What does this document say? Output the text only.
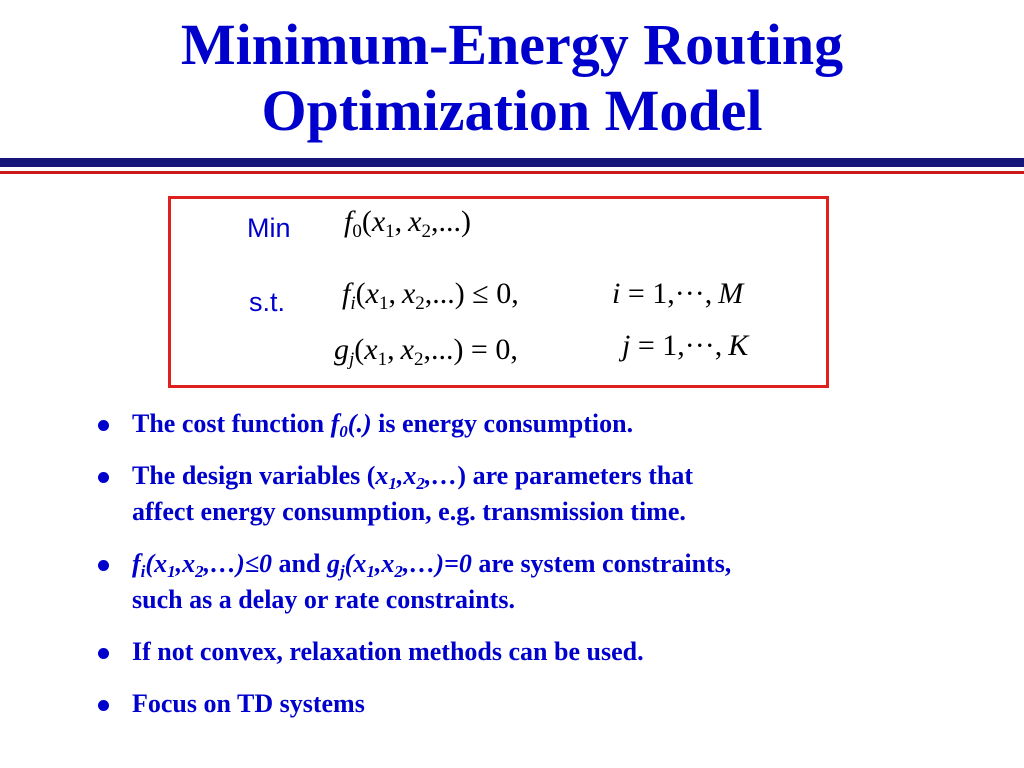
Minimum-Energy Routing
Optimization Model
Min
s.t.
$f_0(x_1$, $x_2$,...)
$f_i(x_1$, $x_2,...) \le 0$,	i = 1,···, M
$g_j(x_1$, $x_2,...) = 0$,	j = 1,···, K
The cost function $f_0(.)$ is energy consumption.
The design variables $(x_1,x_2,\dots)$ are parameters that
affect energy consumption, e.g. transmission time.
$f_i(x_1,x_2,\dots)\le 0$ and $g_j(x_1,x_2,\dots)=0$ are system constraints,
such as a delay or rate constraints.
If not convex, relaxation methods can be used.
Focus on TD systems
